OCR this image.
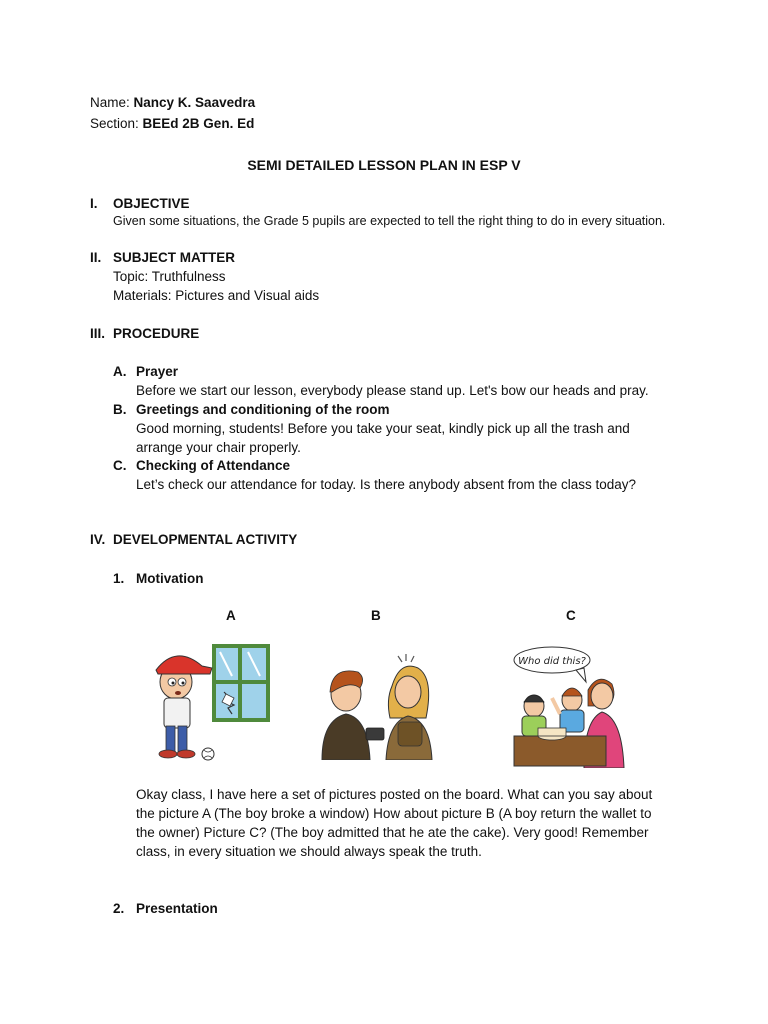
Name: Nancy K. Saavedra
Section: BEEd 2B Gen. Ed
SEMI DETAILED LESSON PLAN IN ESP V
I. OBJECTIVE
Given some situations, the Grade 5 pupils are expected to tell the right thing to do in every situation.
II. SUBJECT MATTER
Topic: Truthfulness
Materials: Pictures and Visual aids
III. PROCEDURE
A. Prayer
Before we start our lesson, everybody please stand up. Let's bow our heads and pray.
B. Greetings and conditioning of the room
Good morning, students! Before you take your seat, kindly pick up all the trash and
arrange your chair properly.
C. Checking of Attendance
Let’s check our attendance for today. Is there anybody absent from the class today?
IV. DEVELOPMENTAL ACTIVITY
1. Motivation
A	B	C
Who did this?
Okay class, I have here a set of pictures posted on the board. What can you say about
the picture A (The boy broke a window) How about picture B (A boy return the wallet to
the owner) Picture C? (The boy admitted that he ate the cake). Very good! Remember
class, in every situation we should always speak the truth.
2. Presentation
